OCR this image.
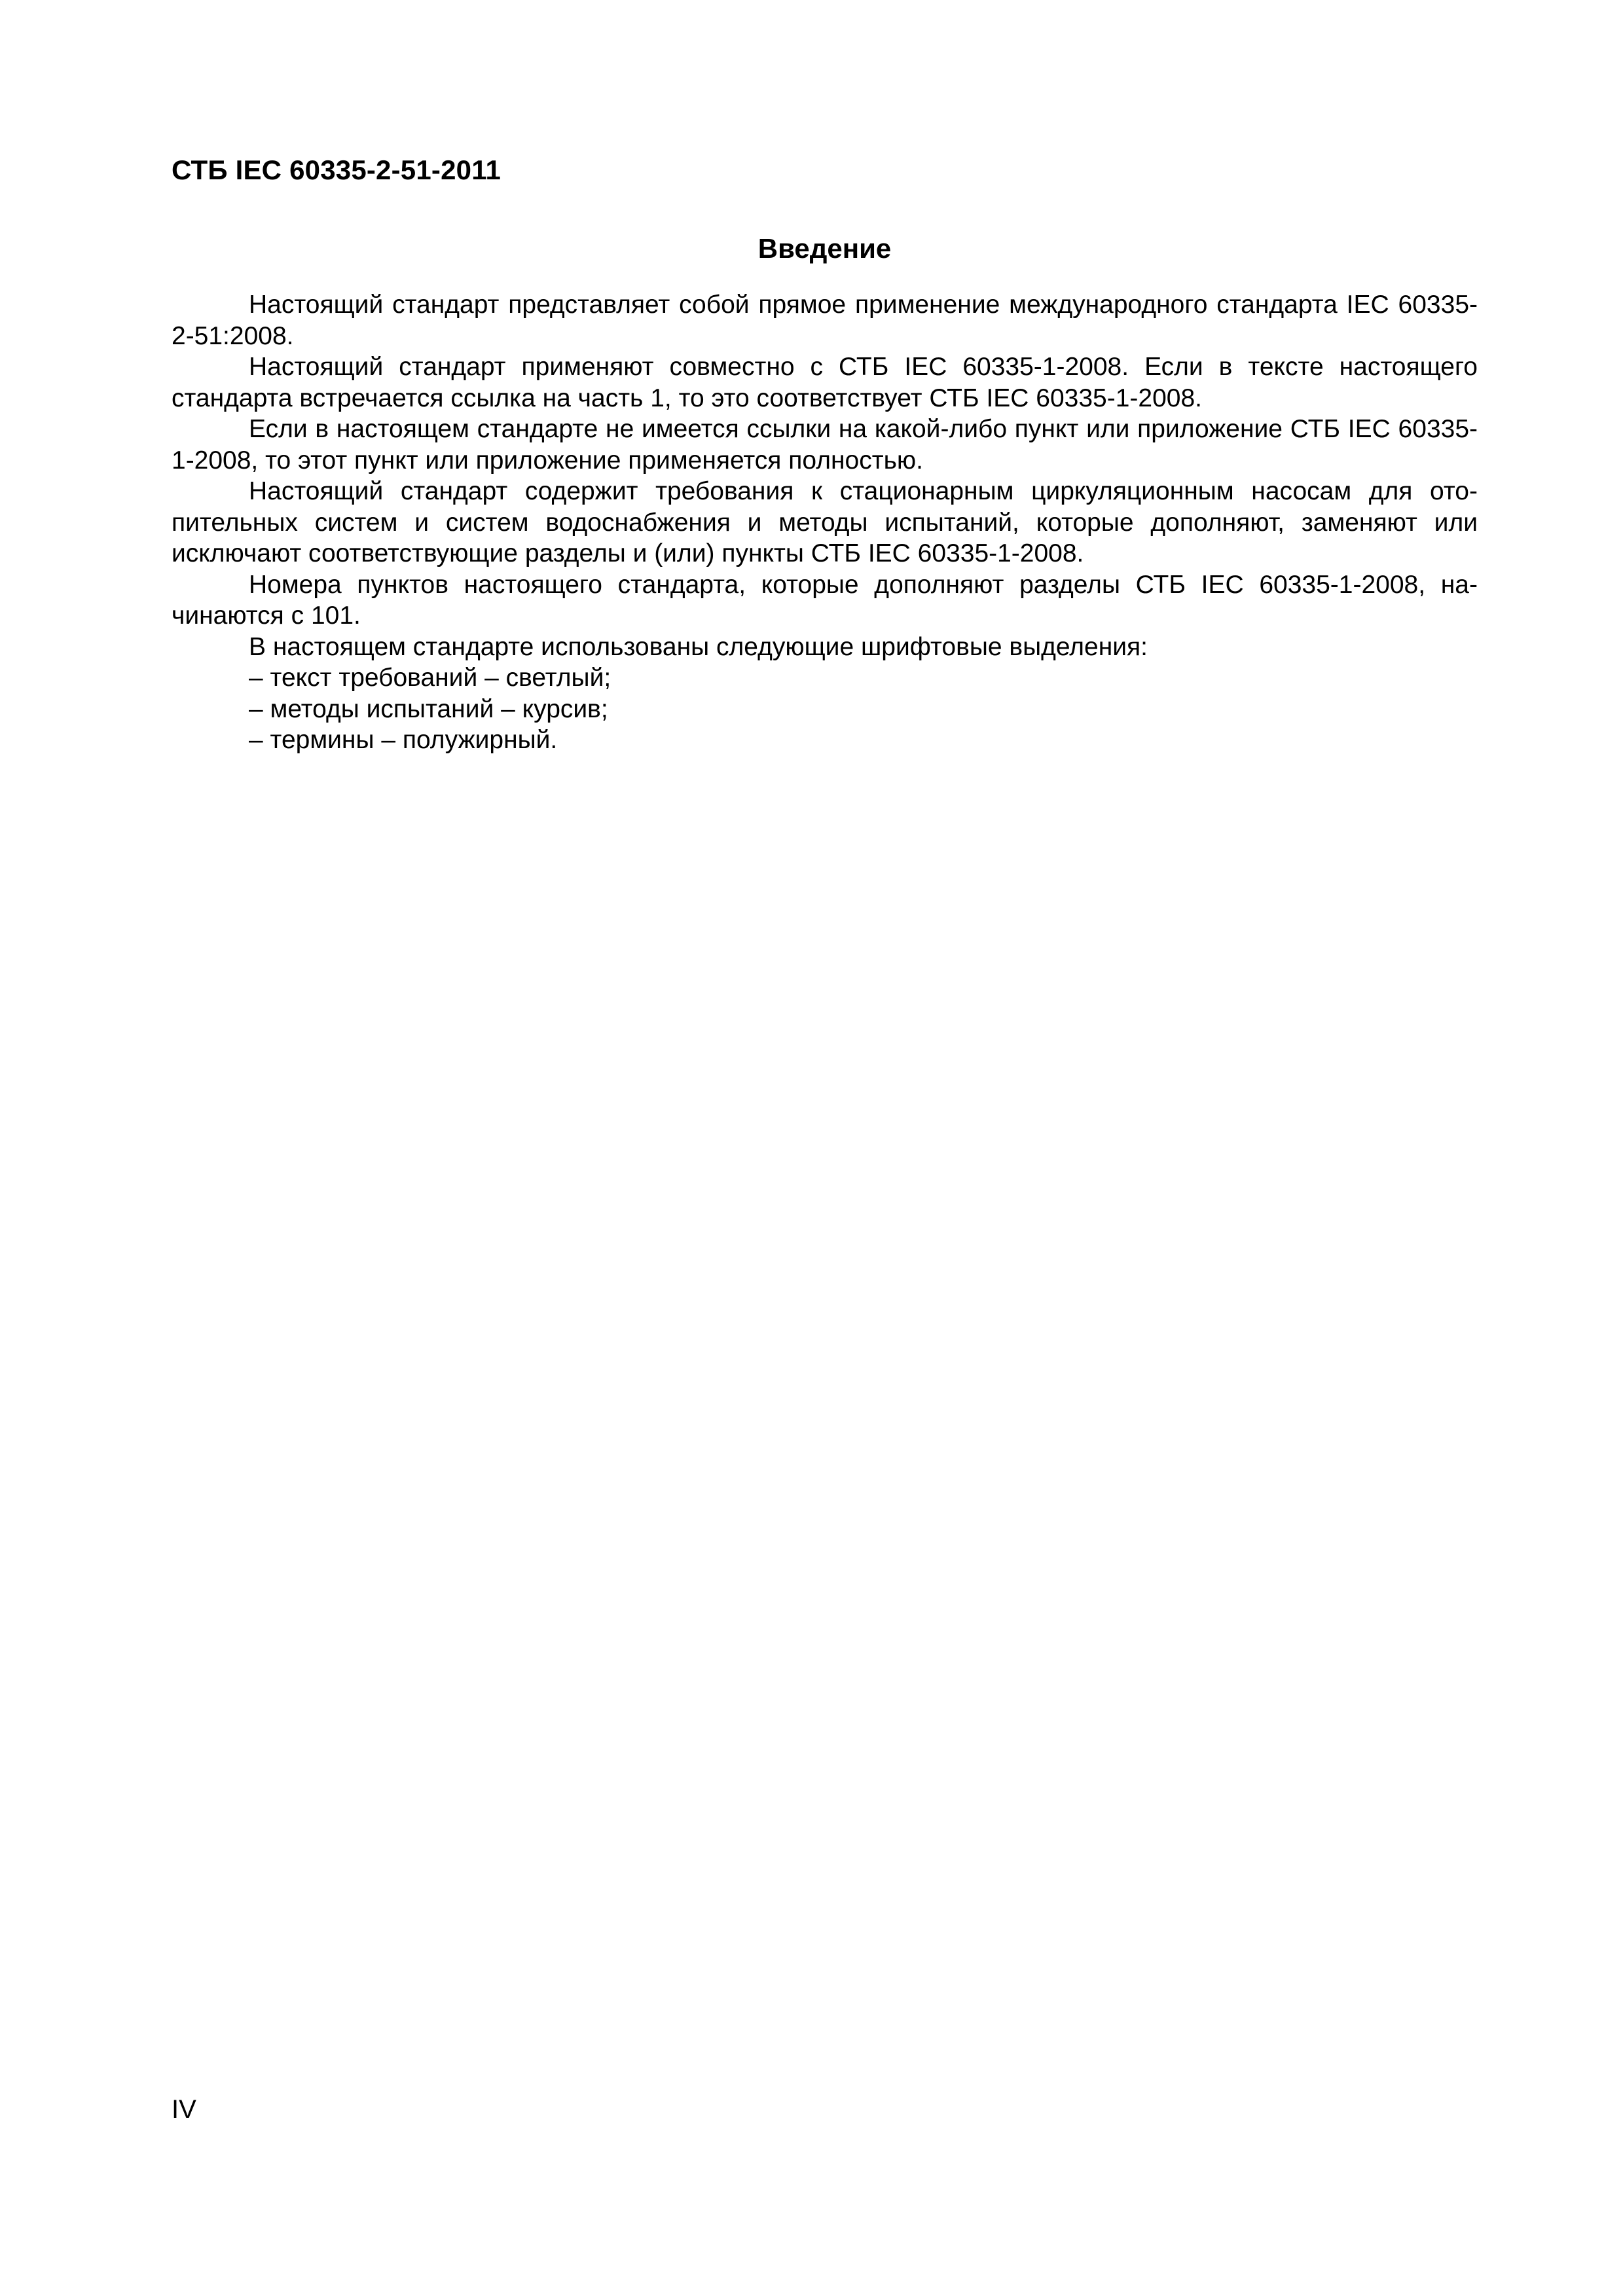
СТБ IEC 60335-2-51-2011
Введение

Настоящий стандарт представляет собой прямое применение международного стандарта IEC 60335-2-51:2008.

Настоящий стандарт применяют совместно с СТБ IEC 60335-1-2008. Если в тексте настоящего стандарта встречается ссылка на часть 1, то это соответствует СТБ IEC 60335-1-2008.

Если в настоящем стандарте не имеется ссылки на какой-либо пункт или приложение СТБ IEC 60335-1-2008, то этот пункт или приложение применяется полностью.

Настоящий стандарт содержит требования к стационарным циркуляционным насосам для отопительных систем и систем водоснабжения и методы испытаний, которые дополняют, заменяют или исключают соответствующие разделы и (или) пункты СТБ IEC 60335-1-2008.

Номера пунктов настоящего стандарта, которые дополняют разделы СТБ IEC 60335-1-2008, начинаются с 101.

В настоящем стандарте использованы следующие шрифтовые выделения:

– текст требований – светлый;
– методы испытаний – курсив;
– термины – полужирный.
IV
